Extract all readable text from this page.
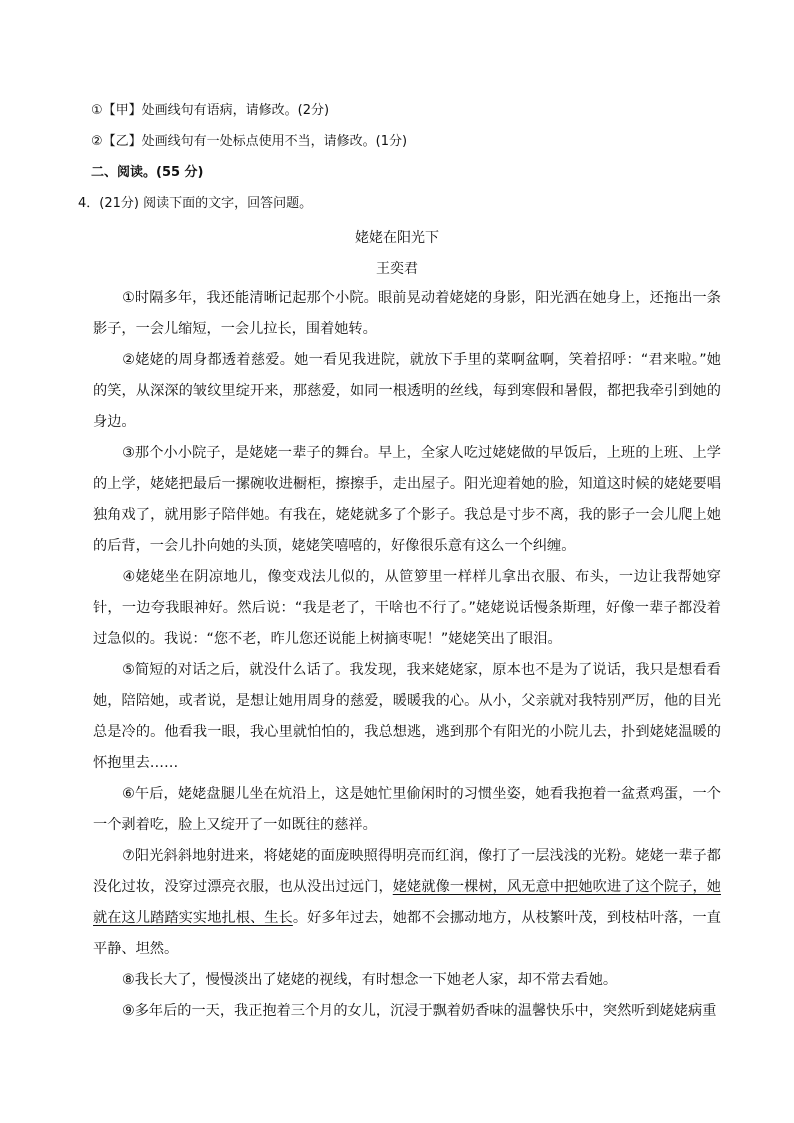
①【甲】处画线句有语病，请修改。(2分)
②【乙】处画线句有一处标点使用不当，请修改。(1分)
二、阅读。(55 分)
4．(21分) 阅读下面的文字，回答问题。
姥姥在阳光下
王奕君
①时隔多年，我还能清晰记起那个小院。眼前晃动着姥姥的身影，阳光洒在她身上，还拖出一条影子，一会儿缩短，一会儿拉长，围着她转。
②姥姥的周身都透着慈爱。她一看见我进院，就放下手里的菜啊盆啊，笑着招呼：“君来啦。”她的笑，从深深的皱纹里绽开来，那慈爱，如同一根透明的丝线，每到寒假和暑假，都把我牵引到她的身边。
③那个小小院子，是姥姥一辈子的舞台。早上，全家人吃过姥姥做的早饭后，上班的上班、上学的上学，姥姥把最后一摞碗收进橱柜，擦擦手，走出屋子。阳光迎着她的脸，知道这时候的姥姥要唱独角戏了，就用影子陪伴她。有我在，姥姥就多了个影子。我总是寸步不离，我的影子一会儿爬上她的后背，一会儿扑向她的头顶，姥姥笑嘻嘻的，好像很乐意有这么一个纠缠。
④姥姥坐在阴凉地儿，像变戏法儿似的，从笸箩里一样样儿拿出衣服、布头，一边让我帮她穿针，一边夸我眼神好。然后说：“我是老了，干啥也不行了。”姥姥说话慢条斯理，好像一辈子都没着过急似的。我说：“您不老，昨儿您还说能上树摘枣呢！”姥姥笑出了眼泪。
⑤简短的对话之后，就没什么话了。我发现，我来姥姥家，原本也不是为了说话，我只是想看看她，陪陪她，或者说，是想让她用周身的慈爱，暖暖我的心。从小，父亲就对我特别严厉，他的目光总是冷的。他看我一眼，我心里就怕怕的，我总想逃，逃到那个有阳光的小院儿去，扑到姥姥温暖的怀抱里去……
⑥午后，姥姥盘腿儿坐在炕沿上，这是她忙里偷闲时的习惯坐姿，她看我抱着一盆煮鸡蛋，一个一个剥着吃，脸上又绽开了一如既往的慈祥。
⑦阳光斜斜地射进来，将姥姥的面庞映照得明亮而红润，像打了一层浅浅的光粉。姥姥一辈子都没化过妆，没穿过漂亮衣服，也从没出过远门，姥姥就像一棵树，风无意中把她吹进了这个院子，她就在这儿踏踏实实地扎根、生长。好多年过去，她都不会挪动地方，从枝繁叶茂，到枝枯叶落，一直平静、坦然。
⑧我长大了，慢慢淡出了姥姥的视线，有时想念一下她老人家，却不常去看她。
⑨多年后的一天，我正抱着三个月的女儿，沉浸于飘着奶香味的温馨快乐中，突然听到姥姥病重
